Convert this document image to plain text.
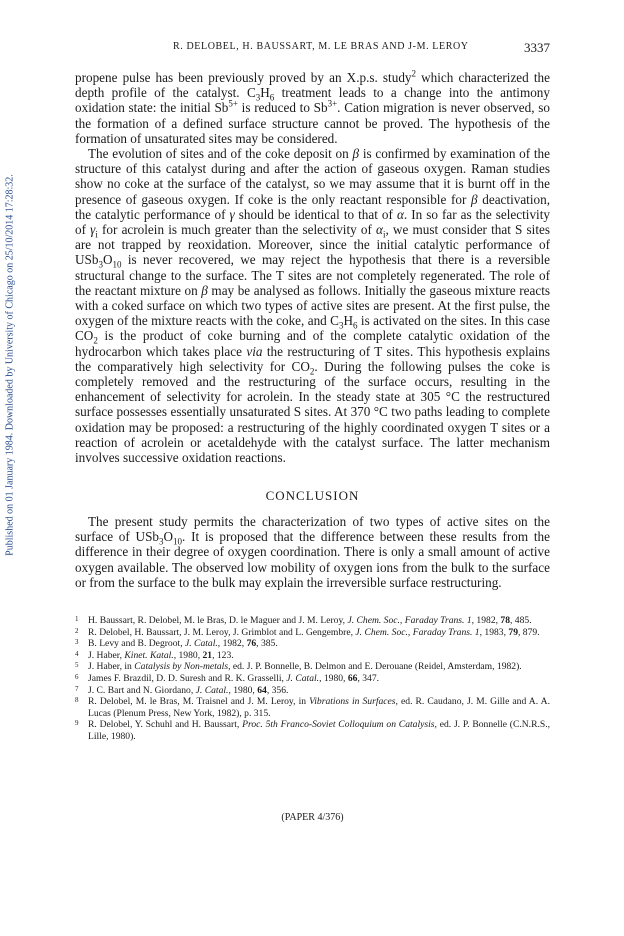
Published on 01 January 1984. Downloaded by University of Chicago on 25/10/2014 17:28:32.
R. DELOBEL, H. BAUSSART, M. LE BRAS AND J-M. LEROY	3337

propene pulse has been previously proved by an X.p.s. study$^2$ which characterized the depth profile of the catalyst. $C_3H_6$ treatment leads to a change into the antimony oxidation state: the initial $Sb^{5+}$ is reduced to $Sb^{3+}$. Cation migration is never observed, so the formation of a defined surface structure cannot be proved. The hypothesis of the formation of unsaturated sites may be considered.

The evolution of sites and of the coke deposit on β is confirmed by examination of the structure of this catalyst during and after the action of gaseous oxygen. Raman studies show no coke at the surface of the catalyst, so we may assume that it is burnt off in the presence of gaseous oxygen. If coke is the only reactant responsible for β deactivation, the catalytic performance of γ should be identical to that of α. In so far as the selectivity of $\gamma_i$ for acrolein is much greater than the selectivity of $\alpha_i$, we must consider that S sites are not trapped by reoxidation. Moreover, since the initial catalytic performance of $USb_3O_{10}$ is never recovered, we may reject the hypothesis that there is a reversible structural change to the surface. The T sites are not completely regenerated. The role of the reactant mixture on β may be analysed as follows. Initially the gaseous mixture reacts with a coked surface on which two types of active sites are present. At the first pulse, the oxygen of the mixture reacts with the coke, and $C_3H_6$ is activated on the sites. In this case $CO_2$ is the product of coke burning and of the complete catalytic oxidation of the hydrocarbon which takes place via the restructuring of T sites. This hypothesis explains the comparatively high selectivity for $CO_2$. During the following pulses the coke is completely removed and the restructuring of the surface occurs, resulting in the enhancement of selectivity for acrolein. In the steady state at 305 °C the restructured surface possesses essentially unsaturated S sites. At 370 °C two paths leading to complete oxidation may be proposed: a restructuring of the highly coordinated oxygen T sites or a reaction of acrolein or acetaldehyde with the catalyst surface. The latter mechanism involves successive oxidation reactions.

CONCLUSION

The present study permits the characterization of two types of active sites on the surface of $USb_3O_{10}$. It is proposed that the difference between these results from the difference in their degree of oxygen coordination. There is only a small amount of active oxygen available. The observed low mobility of oxygen ions from the bulk to the surface or from the surface to the bulk may explain the irreversible surface restructuring.

1 H. Baussart, R. Delobel, M. le Bras, D. le Maguer and J. M. Leroy, J. Chem. Soc., Faraday Trans. 1, 1982, 78, 485.
2 R. Delobel, H. Baussart, J. M. Leroy, J. Grimblot and L. Gengembre, J. Chem. Soc., Faraday Trans. 1, 1983, 79, 879.
3 B. Levy and B. Degroot, J. Catal., 1982, 76, 385.
4 J. Haber, Kinet. Katal., 1980, 21, 123.
5 J. Haber, in Catalysis by Non-metals, ed. J. P. Bonnelle, B. Delmon and E. Derouane (Reidel, Amsterdam, 1982).
6 James F. Brazdil, D. D. Suresh and R. K. Grasselli, J. Catal., 1980, 66, 347.
7 J. C. Bart and N. Giordano, J. Catal., 1980, 64, 356.
8 R. Delobel, M. le Bras, M. Traisnel and J. M. Leroy, in Vibrations in Surfaces, ed. R. Caudano, J. M. Gille and A. A. Lucas (Plenum Press, New York, 1982), p. 315.
9 R. Delobel, Y. Schuhl and H. Baussart, Proc. 5th Franco-Soviet Colloquium on Catalysis, ed. J. P. Bonnelle (C.N.R.S., Lille, 1980).
(PAPER 4/376)
